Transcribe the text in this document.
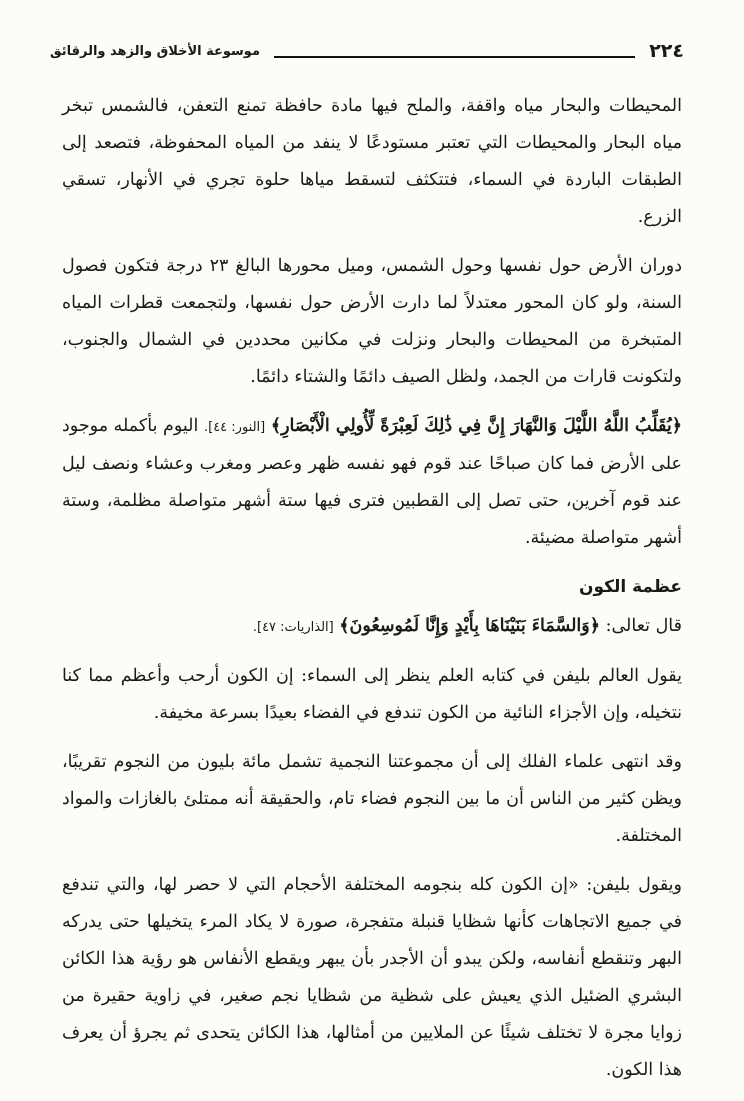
٢٢٤
موسوعة الأخلاق والزهد والرقائق

المحيطات والبحار مياه واقفة، والملح فيها مادة حافظة تمنع التعفن، فالشمس تبخر مياه البحار والمحيطات التي تعتبر مستودعًا لا ينفد من المياه المحفوظة، فتصعد إلى الطبقات الباردة في السماء، فتتكثف لتسقط مياها حلوة تجري في الأنهار، تسقي الزرع.

دوران الأرض حول نفسها وحول الشمس، وميل محورها البالغ ٢٣ درجة فتكون فصول السنة، ولو كان المحور معتدلاً لما دارت الأرض حول نفسها، ولتجمعت قطرات المياه المتبخرة من المحيطات والبحار ونزلت في مكانين محددين في الشمال والجنوب، ولتكونت قارات من الجمد، ولظل الصيف دائمًا والشتاء دائمًا.

﴿يُقَلِّبُ اللَّهُ اللَّيْلَ وَالنَّهَارَ إِنَّ فِي ذَٰلِكَ لَعِبْرَةً لِّأُولِي الْأَبْصَارِ﴾ [النور: ٤٤]. اليوم بأكمله موجود على الأرض فما كان صباحًا عند قوم فهو نفسه ظهر وعصر ومغرب وعشاء ونصف ليل عند قوم آخرين، حتى تصل إلى القطبين فترى فيها ستة أشهر متواصلة مظلمة، وستة أشهر متواصلة مضيئة.

عظمة الكون

قال تعالى: ﴿وَالسَّمَاءَ بَنَيْنَاهَا بِأَيْدٍ وَإِنَّا لَمُوسِعُونَ﴾ [الذاريات: ٤٧].

يقول العالم بليفن في كتابه العلم ينظر إلى السماء: إن الكون أرحب وأعظم مما كنا نتخيله، وإن الأجزاء النائية من الكون تندفع في الفضاء بعيدًا بسرعة مخيفة.

وقد انتهى علماء الفلك إلى أن مجموعتنا النجمية تشمل مائة بليون من النجوم تقريبًا، ويظن كثير من الناس أن ما بين النجوم فضاء تام، والحقيقة أنه ممتلئ بالغازات والمواد المختلفة.

ويقول بليفن: «إن الكون كله بنجومه المختلفة الأحجام التي لا حصر لها، والتي تندفع في جميع الاتجاهات كأنها شظايا قنبلة متفجرة، صورة لا يكاد المرء يتخيلها حتى يدركه البهر وتنقطع أنفاسه، ولكن يبدو أن الأجدر بأن يبهر ويقطع الأنفاس هو رؤية هذا الكائن البشري الضئيل الذي يعيش على شظية من شظايا نجم صغير، في زاوية حقيرة من زوايا مجرة لا تختلف شيئًا عن الملايين من أمثالها، هذا الكائن يتحدى ثم يجرؤ أن يعرف هذا الكون.
